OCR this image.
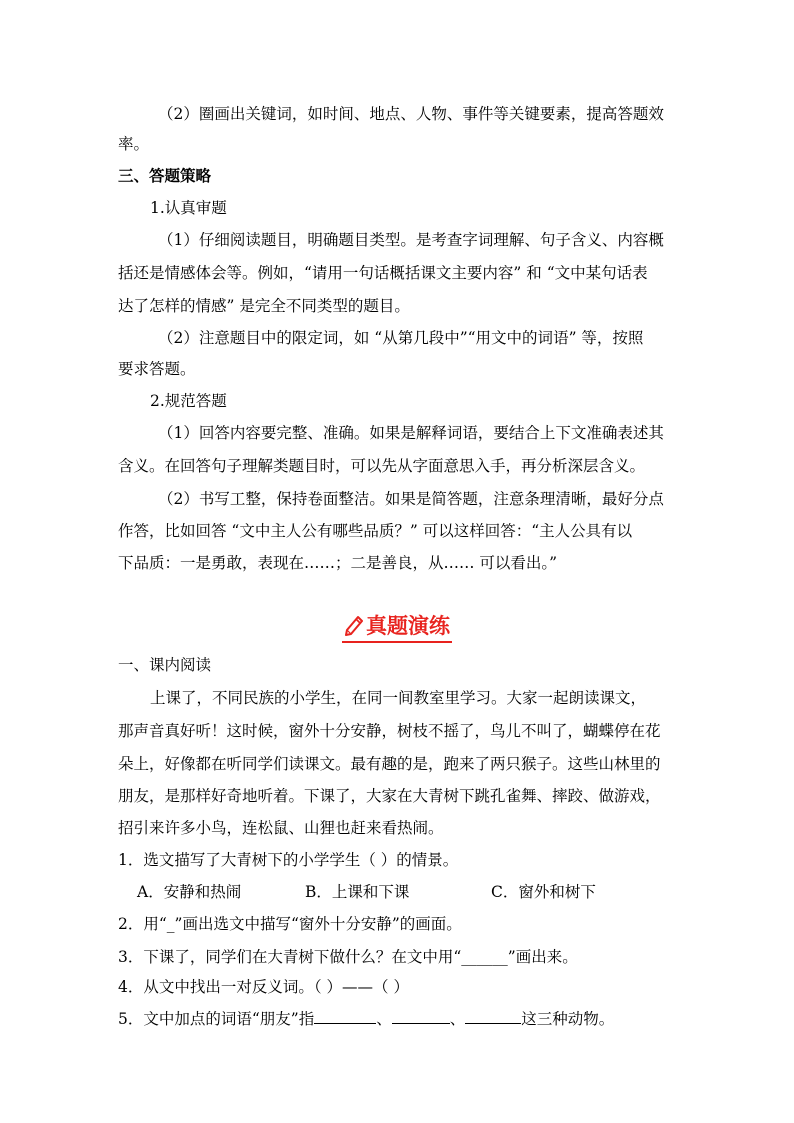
（2）圈画出关键词，如时间、地点、人物、事件等关键要素，提高答题效
率。
三、答题策略
1.认真审题
（1）仔细阅读题目，明确题目类型。是考查字词理解、句子含义、内容概
括还是情感体会等。例如，“请用一句话概括课文主要内容” 和 “文中某句话表
达了怎样的情感” 是完全不同类型的题目。
（2）注意题目中的限定词，如 “从第几段中”“用文中的词语” 等，按照
要求答题。
2.规范答题
（1）回答内容要完整、准确。如果是解释词语，要结合上下文准确表述其
含义。在回答句子理解类题目时，可以先从字面意思入手，再分析深层含义。
（2）书写工整，保持卷面整洁。如果是简答题，注意条理清晰，最好分点
作答，比如回答 “文中主人公有哪些品质？” 可以这样回答：“主人公具有以
下品质：一是勇敢，表现在……；二是善良，从…… 可以看出。”
真题演练
一、课内阅读
上课了，不同民族的小学生，在同一间教室里学习。大家一起朗读课文，
那声音真好听！这时候，窗外十分安静，树枝不摇了，鸟儿不叫了，蝴蝶停在花
朵上，好像都在听同学们读课文。最有趣的是，跑来了两只猴子。这些山林里的
朋友，是那样好奇地听着。下课了，大家在大青树下跳孔雀舞、摔跤、做游戏，
招引来许多小鸟，连松鼠、山狸也赶来看热闹。
1．选文描写了大青树下的小学学生（ ）的情景。
A．安静和热闹	B．上课和下课	C．窗外和树下
2．用“_”画出选文中描写“窗外十分安静”的画面。
3．下课了，同学们在大青树下做什么？在文中用“______”画出来。
4．从文中找出一对反义词。（ ）——（ ）
5．文中加点的词语“朋友”指	、	、	这三种动物。
